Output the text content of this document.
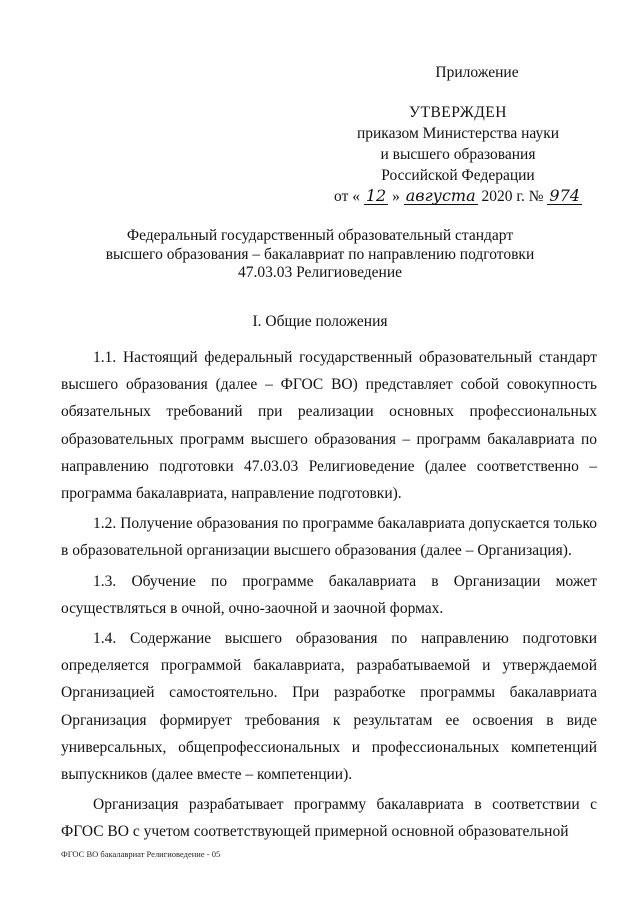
Приложение
УТВЕРЖДЕН
приказом Министерства науки
и высшего образования
Российской Федерации
от « 12 » августа 2020 г. № 974
Федеральный государственный образовательный стандарт
высшего образования – бакалавриат по направлению подготовки
47.03.03 Религиоведение
I. Общие положения

1.1. Настоящий федеральный государственный образовательный стандарт высшего образования (далее – ФГОС ВО) представляет собой совокупность обязательных требований при реализации основных профессиональных образовательных программ высшего образования – программ бакалавриата по направлению подготовки 47.03.03 Религиоведение (далее соответственно – программа бакалавриата, направление подготовки).

1.2. Получение образования по программе бакалавриата допускается только в образовательной организации высшего образования (далее – Организация).

1.3. Обучение по программе бакалавриата в Организации может осуществляться в очной, очно-заочной и заочной формах.

1.4. Содержание высшего образования по направлению подготовки определяется программой бакалавриата, разрабатываемой и утверждаемой Организацией самостоятельно. При разработке программы бакалавриата Организация формирует требования к результатам ее освоения в виде универсальных, общепрофессиональных и профессиональных компетенций выпускников (далее вместе – компетенции).

Организация разрабатывает программу бакалавриата в соответствии с ФГОС ВО с учетом соответствующей примерной основной образовательной

ФГОС ВО бакалавриат Религиоведение - 05
